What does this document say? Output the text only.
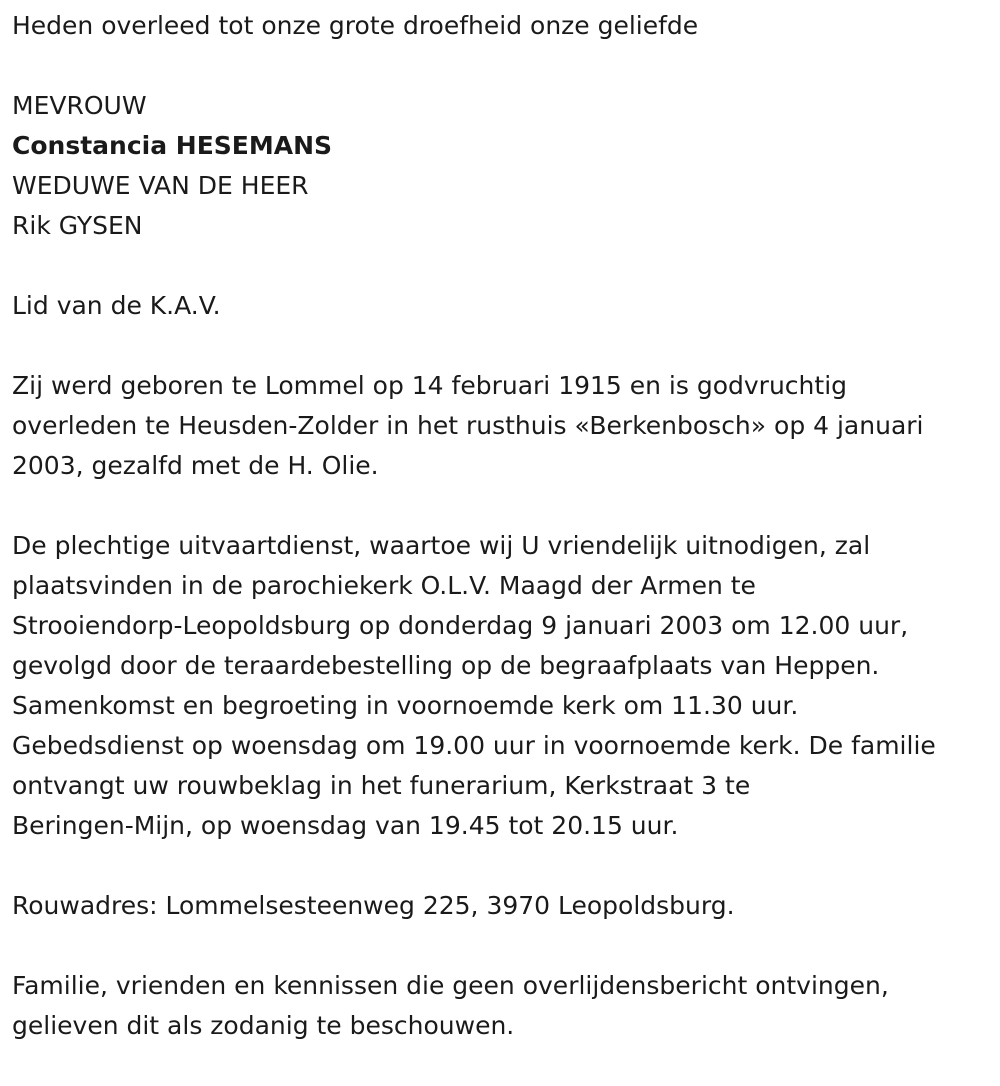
Heden overleed tot onze grote droefheid onze geliefde
MEVROUW
Constancia HESEMANS
WEDUWE VAN DE HEER
Rik GYSEN
Lid van de K.A.V.

Zij werd geboren te Lommel op 14 februari 1915 en is godvruchtig
overleden te Heusden-Zolder in het rusthuis «Berkenbosch» op 4 januari
2003, gezalfd met de H. Olie.

De plechtige uitvaartdienst, waartoe wij U vriendelijk uitnodigen, zal
plaatsvinden in de parochiekerk O.L.V. Maagd der Armen te
Strooiendorp-Leopoldsburg op donderdag 9 januari 2003 om 12.00 uur,
gevolgd door de teraardebestelling op de begraafplaats van Heppen.
Samenkomst en begroeting in voornoemde kerk om 11.30 uur.
Gebedsdienst op woensdag om 19.00 uur in voornoemde kerk. De familie
ontvangt uw rouwbeklag in het funerarium, Kerkstraat 3 te
Beringen-Mijn, op woensdag van 19.45 tot 20.15 uur.

Rouwadres: Lommelsesteenweg 225, 3970 Leopoldsburg.

Familie, vrienden en kennissen die geen overlijdensbericht ontvingen,
gelieven dit als zodanig te beschouwen.
